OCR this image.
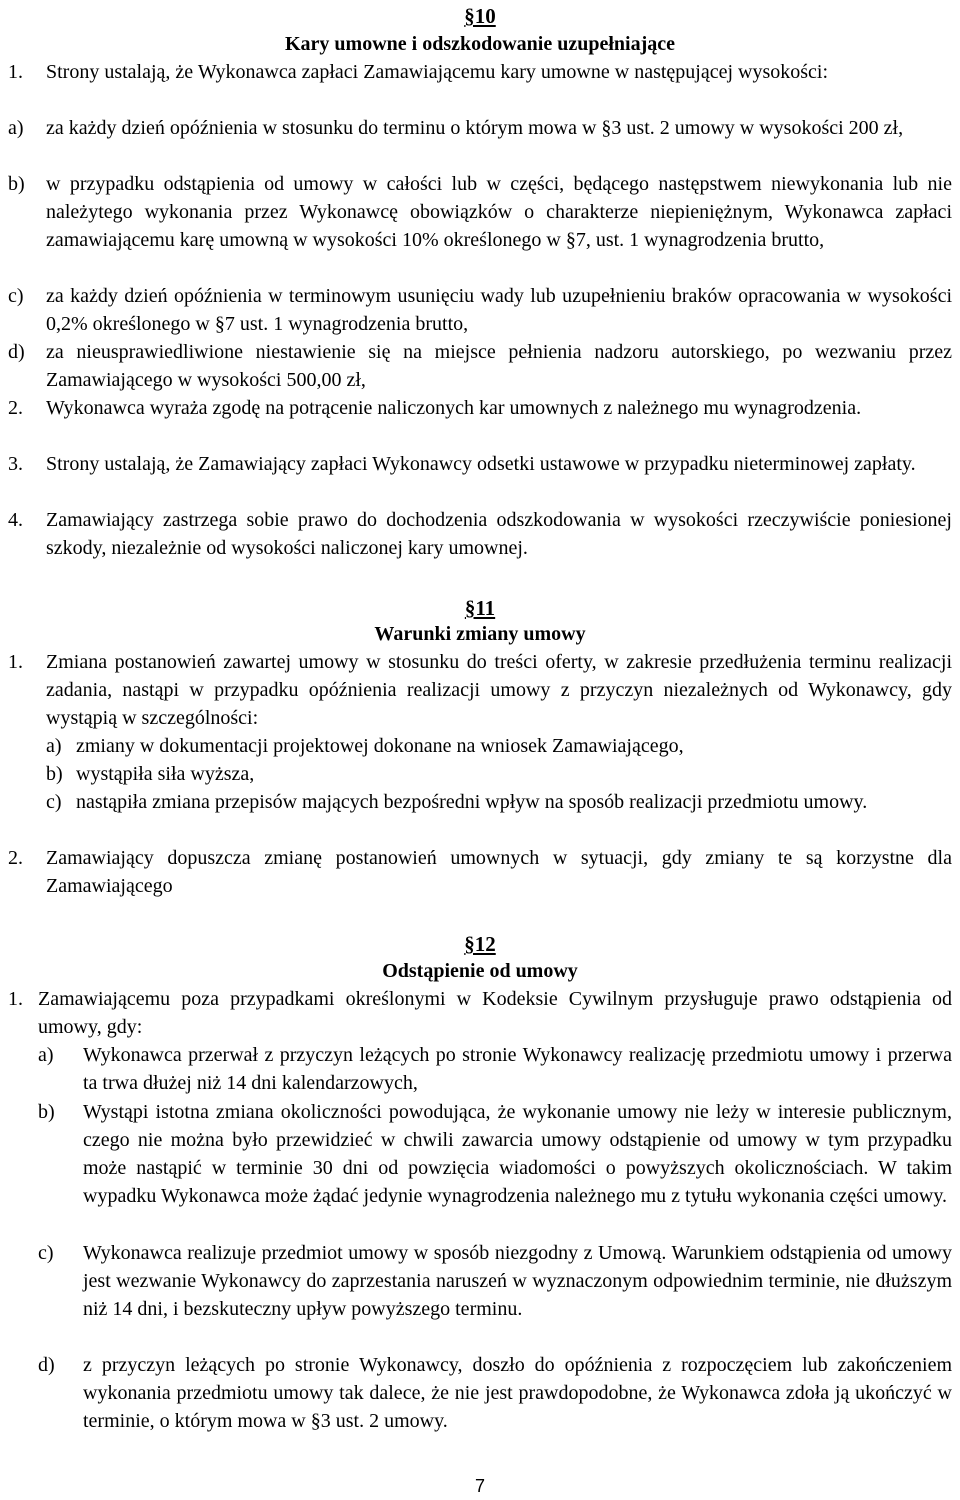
§10
Kary umowne i odszkodowanie uzupełniające
1.	Strony ustalają, że Wykonawca zapłaci Zamawiającemu kary umowne w następującej wysokości:
a) za każdy dzień opóźnienia w stosunku do terminu o którym mowa w §3 ust. 2 umowy w wysokości 200 zł,
b) w przypadku odstąpienia od umowy w całości lub w części, będącego następstwem niewykonania lub nie należytego wykonania przez Wykonawcę obowiązków o charakterze niepieniężnym, Wykonawca zapłaci zamawiającemu karę umowną w wysokości 10% określonego w §7, ust. 1 wynagrodzenia brutto,
c) za każdy dzień opóźnienia w terminowym usunięciu wady lub uzupełnieniu braków opracowania w wysokości 0,2% określonego w §7 ust. 1 wynagrodzenia brutto,
d) za nieusprawiedliwione niestawienie się na miejsce pełnienia nadzoru autorskiego, po wezwaniu przez Zamawiającego w wysokości 500,00 zł,
2. Wykonawca wyraża zgodę na potrącenie naliczonych kar umownych z należnego mu wynagrodzenia.
3. Strony ustalają, że Zamawiający zapłaci Wykonawcy odsetki ustawowe w przypadku nieterminowej zapłaty.
4. Zamawiający zastrzega sobie prawo do dochodzenia odszkodowania w wysokości rzeczywiście poniesionej szkody, niezależnie od wysokości naliczonej kary umownej.
§11
Warunki zmiany umowy
1. Zmiana postanowień zawartej umowy w stosunku do treści oferty, w zakresie przedłużenia terminu realizacji zadania, nastąpi w przypadku opóźnienia realizacji umowy z przyczyn niezależnych od Wykonawcy, gdy wystąpią w szczególności:
a) zmiany w dokumentacji projektowej dokonane na wniosek Zamawiającego,
b) wystąpiła siła wyższa,
c) nastąpiła zmiana przepisów mających bezpośredni wpływ na sposób realizacji przedmiotu umowy.
2. Zamawiający dopuszcza zmianę postanowień umownych w sytuacji, gdy zmiany te są korzystne dla Zamawiającego
§12
Odstąpienie od umowy
1. Zamawiającemu poza przypadkami określonymi w Kodeksie Cywilnym przysługuje prawo odstąpienia od umowy, gdy:
a) Wykonawca przerwał z przyczyn leżących po stronie Wykonawcy realizację przedmiotu umowy i przerwa ta trwa dłużej niż 14 dni kalendarzowych,
b) Wystąpi istotna zmiana okoliczności powodująca, że wykonanie umowy nie leży w interesie publicznym, czego nie można było przewidzieć w chwili zawarcia umowy odstąpienie od umowy w tym przypadku może nastąpić w terminie 30 dni od powzięcia wiadomości o powyższych okolicznościach. W takim wypadku Wykonawca może żądać jedynie wynagrodzenia należnego mu z tytułu wykonania części umowy.
c) Wykonawca realizuje przedmiot umowy w sposób niezgodny z Umową. Warunkiem odstąpienia od umowy jest wezwanie Wykonawcy do zaprzestania naruszeń w wyznaczonym odpowiednim terminie, nie dłuższym niż 14 dni, i bezskuteczny upływ powyższego terminu.
d) z przyczyn leżących po stronie Wykonawcy, doszło do opóźnienia z rozpoczęciem lub zakończeniem wykonania przedmiotu umowy tak dalece, że nie jest prawdopodobne, że Wykonawca zdoła ją ukończyć w terminie, o którym mowa w §3 ust. 2 umowy.
7
